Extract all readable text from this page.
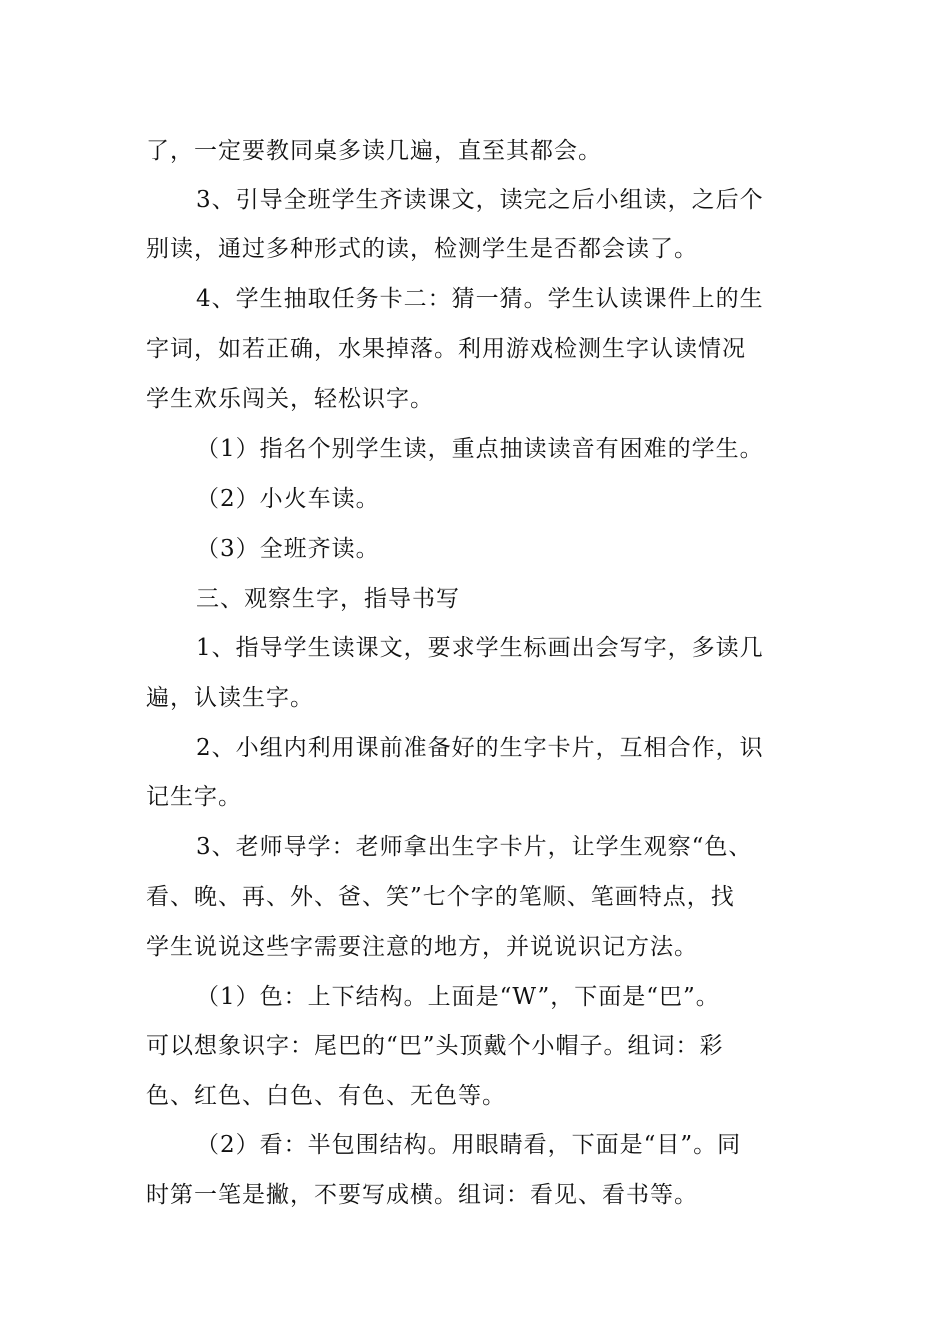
了，一定要教同桌多读几遍，直至其都会。
3、引导全班学生齐读课文，读完之后小组读，之后个
别读，通过多种形式的读，检测学生是否都会读了。
4、学生抽取任务卡二：猜一猜。学生认读课件上的生
字词，如若正确，水果掉落。利用游戏检测生字认读情况
学生欢乐闯关，轻松识字。
（1）指名个别学生读，重点抽读读音有困难的学生。
（2）小火车读。
（3）全班齐读。
三、观察生字，指导书写
1、指导学生读课文，要求学生标画出会写字，多读几
遍，认读生字。
2、小组内利用课前准备好的生字卡片，互相合作，识
记生字。
3、老师导学：老师拿出生字卡片，让学生观察“色、
看、晚、再、外、爸、笑”七个字的笔顺、笔画特点，找
学生说说这些字需要注意的地方，并说说识记方法。
（1）色：上下结构。上面是“W”，下面是“巴”。
可以想象识字：尾巴的“巴”头顶戴个小帽子。组词：彩
色、红色、白色、有色、无色等。
（2）看：半包围结构。用眼睛看，下面是“目”。同
时第一笔是撇，不要写成横。组词：看见、看书等。
